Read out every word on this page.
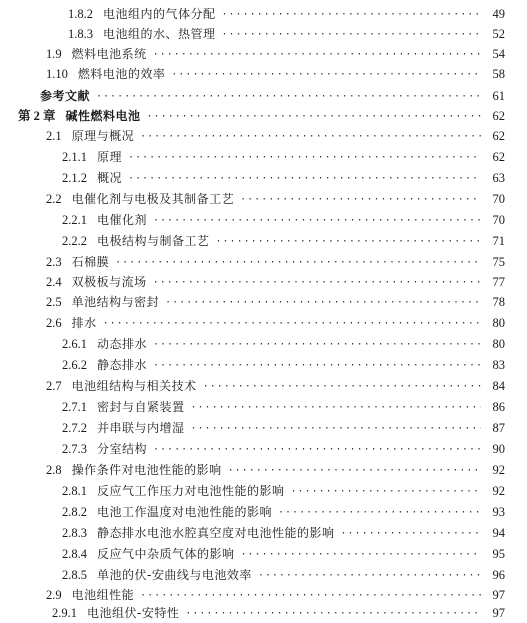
1.8.2 电池组内的气体分配 ·····	49
1.8.3 电池组的水、热管理 ·····	52
1.9 燃料电池系统 ·····	54
1.10 燃料电池的效率 ·····	58
参考文献 ·····	61
第 2 章 碱性燃料电池 ·····	62
2.1 原理与概况 ·····	62
2.1.1 原理 ·····	62
2.1.2 概况 ·····	63
2.2 电催化剂与电极及其制备工艺 ·····	70
2.2.1 电催化剂 ·····	70
2.2.2 电极结构与制备工艺 ·····	71
2.3 石棉膜 ·····	75
2.4 双极板与流场 ·····	77
2.5 单池结构与密封 ·····	78
2.6 排水 ·····	80
2.6.1 动态排水 ·····	80
2.6.2 静态排水 ·····	83
2.7 电池组结构与相关技术 ·····	84
2.7.1 密封与自紧装置 ·····	86
2.7.2 并串联与内增湿 ·····	87
2.7.3 分室结构 ·····	90
2.8 操作条件对电池性能的影响 ·····	92
2.8.1 反应气工作压力对电池性能的影响 ·····	92
2.8.2 电池工作温度对电池性能的影响 ·····	93
2.8.3 静态排水电池水腔真空度对电池性能的影响 ·····	94
2.8.4 反应气中杂质气体的影响 ·····	95
2.8.5 单池的伏-安曲线与电池效率 ·····	96
2.9 电池组性能 ·····	97
2.9.1 电池组伏-安特性 ·····	97
